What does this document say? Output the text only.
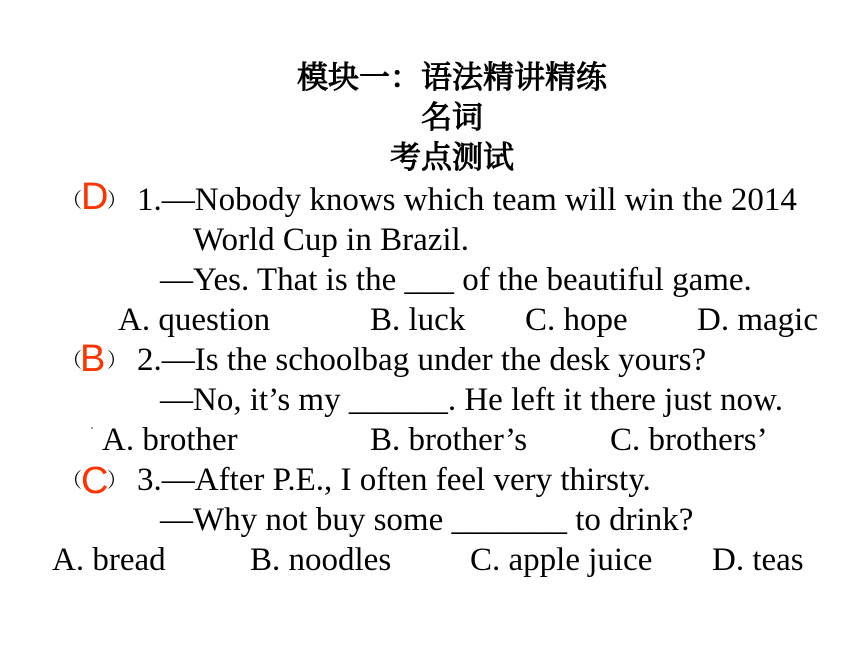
模块一：语法精讲精练
名词
考点测试
（ D
） 1.—Nobody knows which team will win the 2014
World Cup in Brazil.
—Yes. That is the ___ of the beautiful game.
A. question	B. luck C. hope D. magic
（
B ） 2.—Is the schoolbag under the desk yours?
—No, it’s my ______. He left it there just now.
A. brother	B. brother’s	C. brothers’
（ C
） 3.—After P.E., I often feel very thirsty.
—Why not buy some _______ to drink?
A. bread	B. noodles C. apple juice D. teas
